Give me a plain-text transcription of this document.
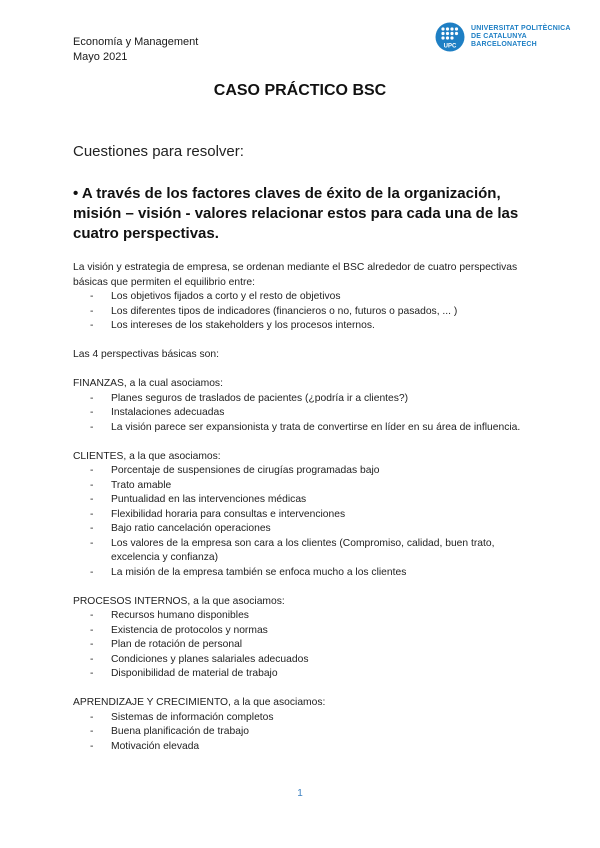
Economía y Management
Mayo 2021
UPC
UNIVERSITAT POLITÈCNICA
DE CATALUNYA
BARCELONATECH
CASO PRÁCTICO BSC
Cuestiones para resolver:
• A través de los factores claves de éxito de la organización, misión – visión - valores relacionar estos para cada una de las cuatro perspectivas.

La visión y estrategia de empresa, se ordenan mediante el BSC alrededor de cuatro perspectivas básicas que permiten el equilibrio entre:

- Los objetivos fijados a corto y el resto de objetivos
- Los diferentes tipos de indicadores (financieros o no, futuros o pasados, ... )
- Los intereses de los stakeholders y los procesos internos.

Las 4 perspectivas básicas son:

FINANZAS, a la cual asociamos:

- Planes seguros de traslados de pacientes (¿podría ir a clientes?)
- Instalaciones adecuadas
- La visión parece ser expansionista y trata de convertirse en líder en su área de influencia.

CLIENTES, a la que asociamos:

- Porcentaje de suspensiones de cirugías programadas bajo
- Trato amable
- Puntualidad en las intervenciones médicas
- Flexibilidad horaria para consultas e intervenciones
- Bajo ratio cancelación operaciones
- Los valores de la empresa son cara a los clientes (Compromiso, calidad, buen trato, excelencia y confianza)
- La misión de la empresa también se enfoca mucho a los clientes

PROCESOS INTERNOS, a la que asociamos:

- Recursos humano disponibles
- Existencia de protocolos y normas
- Plan de rotación de personal
- Condiciones y planes salariales adecuados
- Disponibilidad de material de trabajo

APRENDIZAJE Y CRECIMIENTO, a la que asociamos:

- Sistemas de información completos
- Buena planificación de trabajo
- Motivación elevada
1
